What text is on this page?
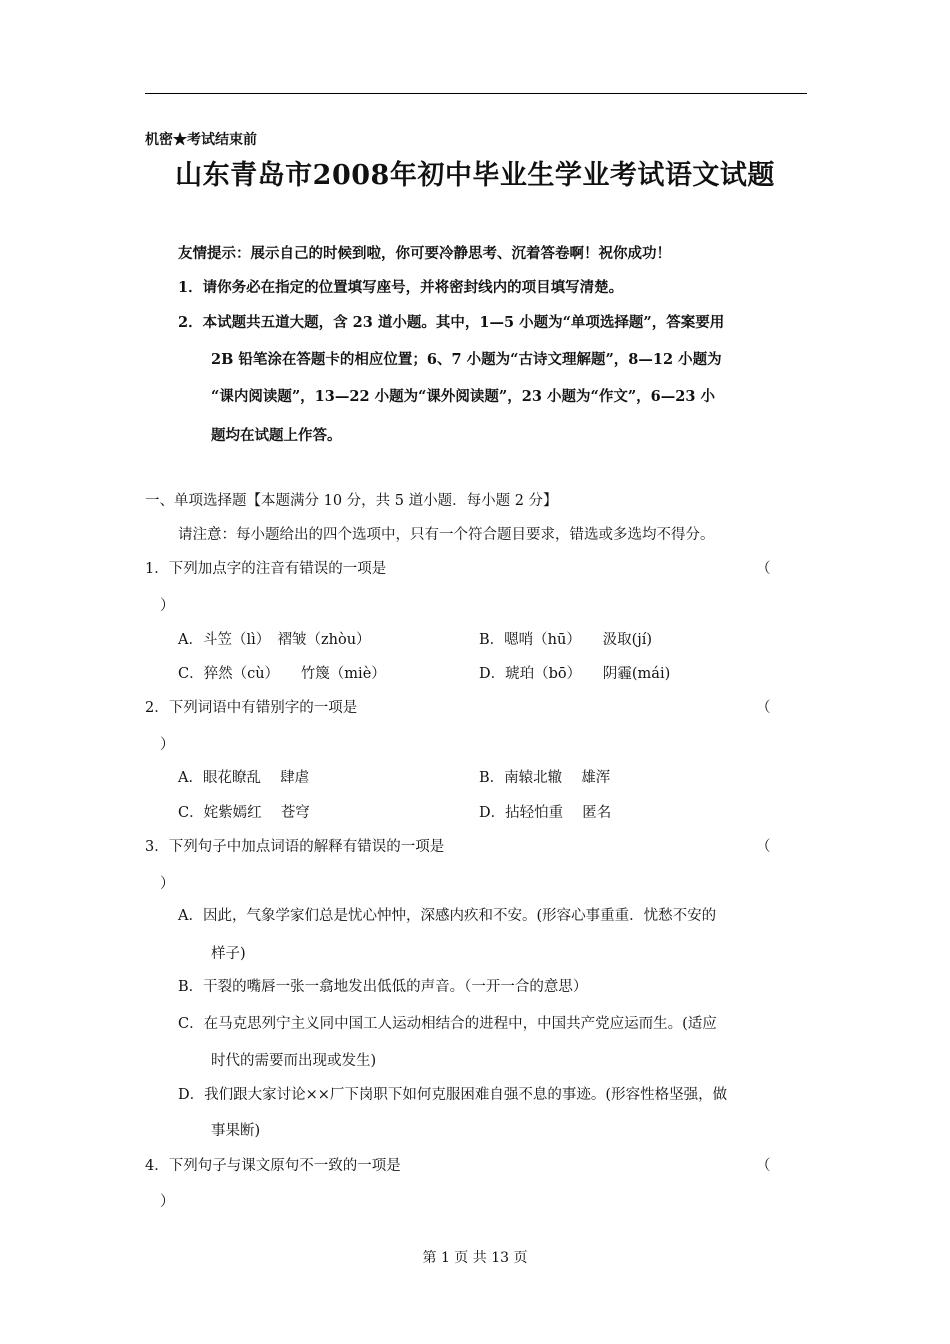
机密★考试结束前
山东青岛市2008年初中毕业生学业考试语文试题
友情提示：展示自己的时候到啦，你可要冷静思考、沉着答卷啊！祝你成功！
1．请你务必在指定的位置填写座号，并将密封线内的项目填写清楚。
2．本试题共五道大题，含 23 道小题。其中，1—5 小题为“单项选择题”，答案要用
2B 铅笔涂在答题卡的相应位置；6、7 小题为“古诗文理解题”，8—12 小题为
“课内阅读题”，13—22 小题为“课外阅读题”，23 小题为“作文”，6—23 小
题均在试题上作答。
一、单项选择题【本题满分 10 分，共 5 道小题．每小题 2 分】
请注意：每小题给出的四个选项中，只有一个符合题目要求，错选或多选均不得分。
1．下列加点字的注音有错误的一项是	（
）
A．斗笠（lì）　褶皱（zhòu）	B．嗯哨（hū）　　汲取(jí)
C．猝然（cù）　　竹篾（miè）	D．琥珀（bō）　　阴霾(mái)
2．下列词语中有错别字的一项是	（
）
A．眼花瞭乱　 肆虐	B．南辕北辙　 雄浑
C．姹紫嫣红　 苍穹	D．拈轻怕重　 匿名
3．下列句子中加点词语的解释有错误的一项是	（
）
A．因此，气象学家们总是忧心忡忡，深感内疚和不安。(形容心事重重．忧愁不安的
样子)
B．干裂的嘴唇一张一翕地发出低低的声音。（一开一合的意思）
C．在马克思列宁主义同中国工人运动相结合的进程中，中国共产党应运而生。(适应
时代的需要而出现或发生)
D．我们跟大家讨论××厂下岗职下如何克服困难自强不息的事迹。(形容性格坚强，做
事果断)
4．下列句子与课文原句不一致的一项是	（
）
第 1 页 共 13 页
